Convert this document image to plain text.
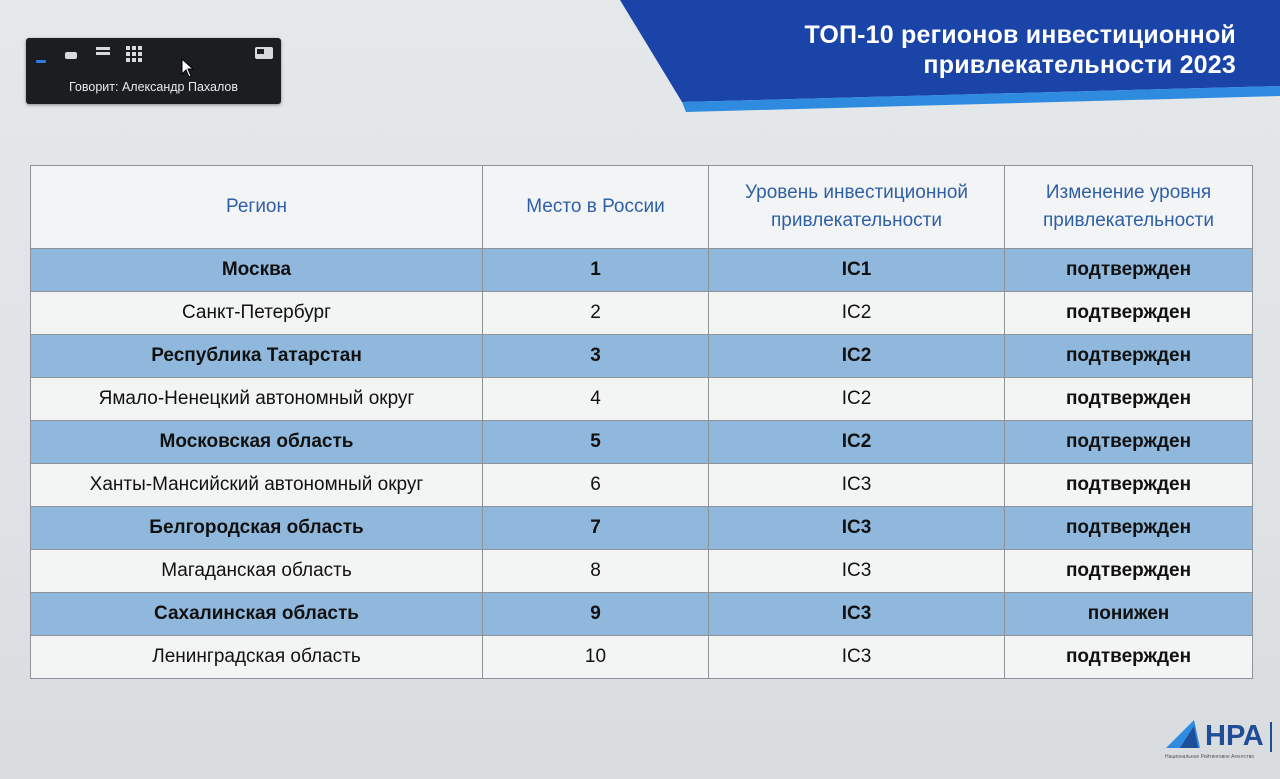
ТОП-10 регионов инвестиционной привлекательности 2023
Говорит: Александр Пахалов
Регион	Место в России	Уровень инвестиционной привлекательности	Изменение уровня привлекательности
Москва	1	IC1	подтвержден
Санкт-Петербург	2	IC2	подтвержден
Республика Татарстан	3	IC2	подтвержден
Ямало-Ненецкий автономный округ	4	IC2	подтвержден
Московская область	5	IC2	подтвержден
Ханты-Мансийский автономный округ	6	IC3	подтвержден
Белгородская область	7	IC3	подтвержден
Магаданская область	8	IC3	подтвержден
Сахалинская область	9	IC3	понижен
Ленинградская область	10	IC3	подтвержден
НРА
Национальное Рейтинговое Агентство
